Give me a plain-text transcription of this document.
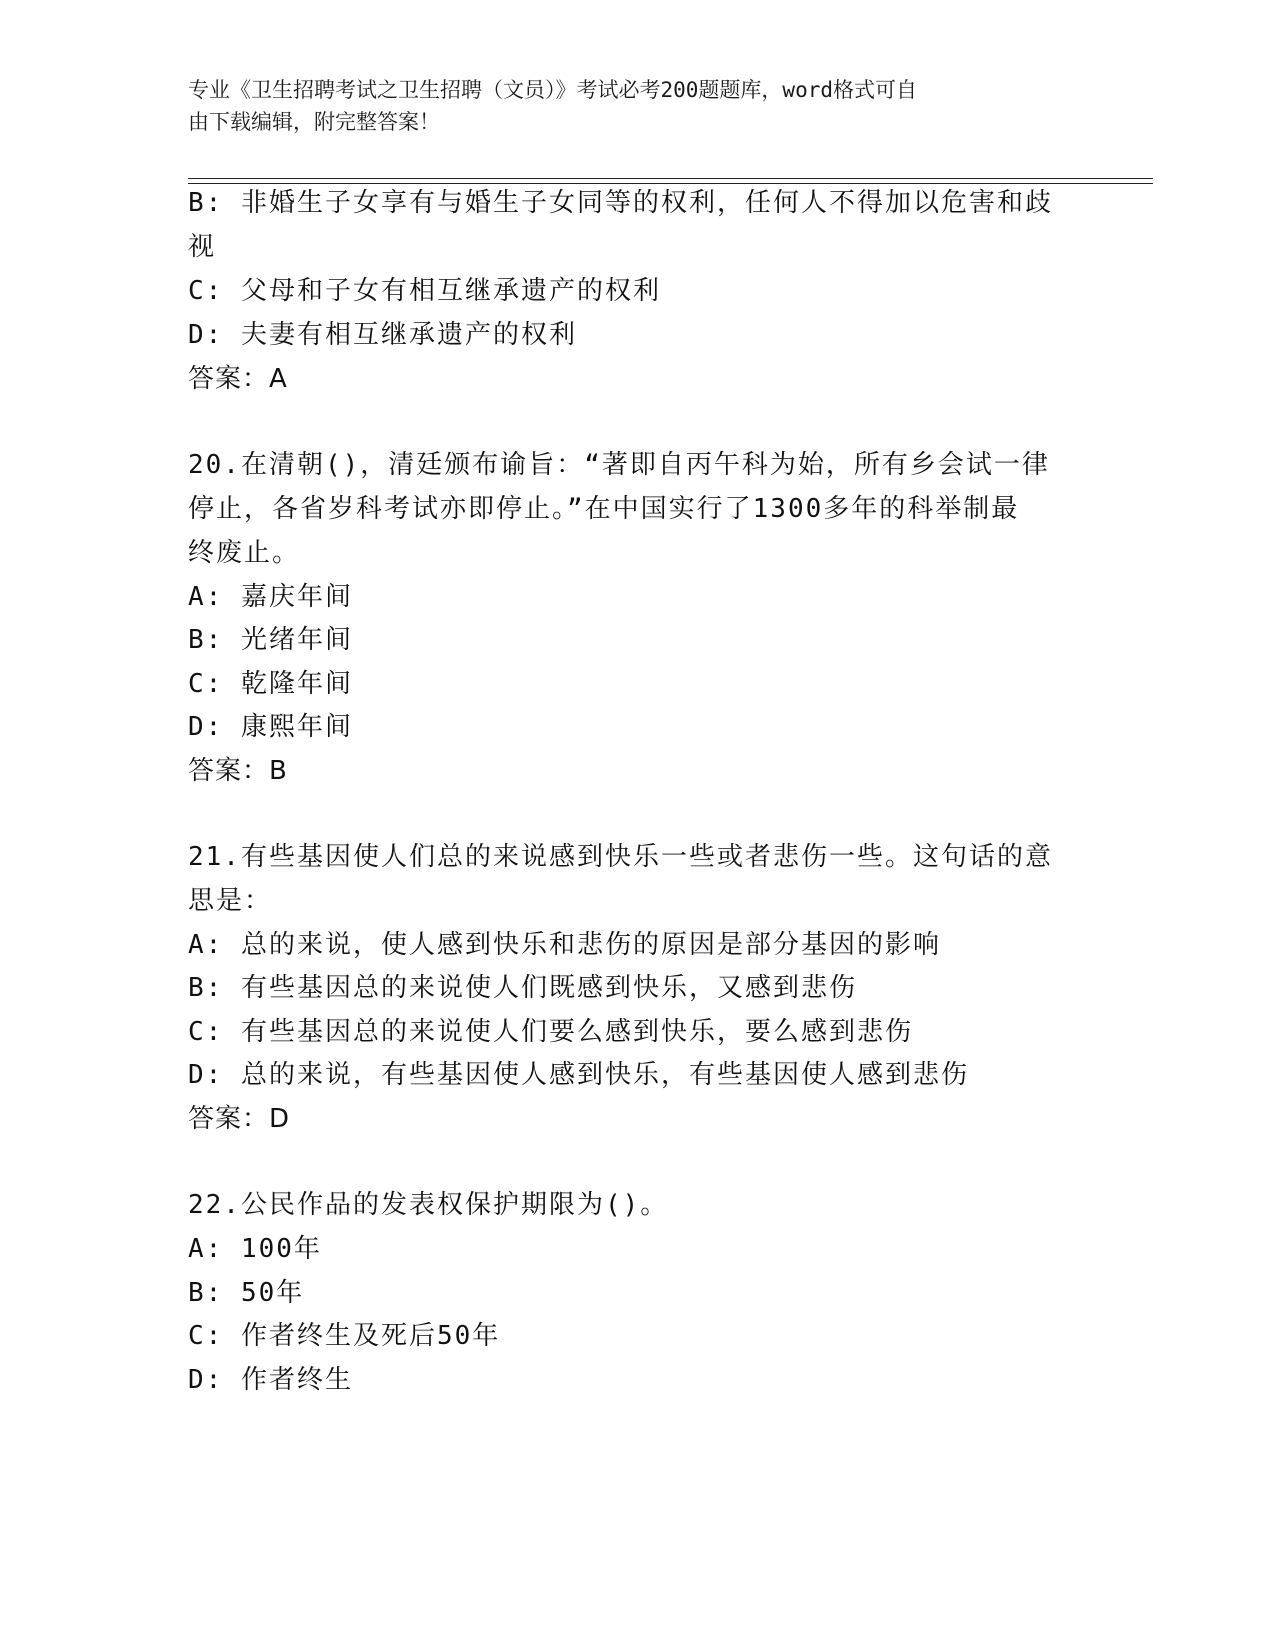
专业《卫生招聘考试之卫生招聘（文员）》考试必考200题题库，word格式可自
由下载编辑，附完整答案！
B: 非婚生子女享有与婚生子女同等的权利，任何人不得加以危害和歧
视
C: 父母和子女有相互继承遗产的权利
D: 夫妻有相互继承遗产的权利
答案：A
20.在清朝()，清廷颁布谕旨：“著即自丙午科为始，所有乡会试一律
停止，各省岁科考试亦即停止。”在中国实行了1300多年的科举制最
终废止。
A: 嘉庆年间
B: 光绪年间
C: 乾隆年间
D: 康熙年间
答案：B
21.有些基因使人们总的来说感到快乐一些或者悲伤一些。这句话的意
思是：
A: 总的来说，使人感到快乐和悲伤的原因是部分基因的影响
B: 有些基因总的来说使人们既感到快乐，又感到悲伤
C: 有些基因总的来说使人们要么感到快乐，要么感到悲伤
D: 总的来说，有些基因使人感到快乐，有些基因使人感到悲伤
答案：D
22.公民作品的发表权保护期限为()。
A: 100年
B: 50年
C: 作者终生及死后50年
D: 作者终生
